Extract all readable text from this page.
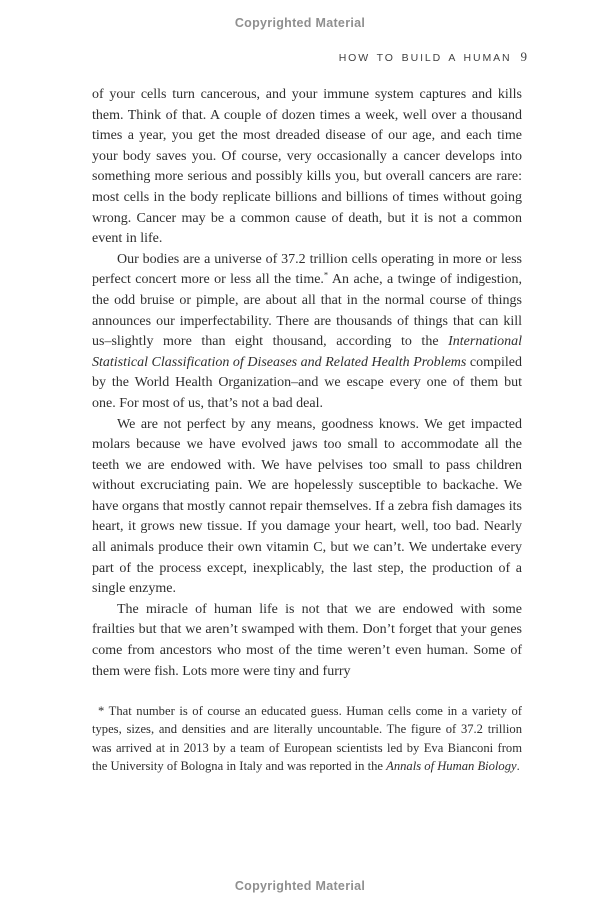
Copyrighted Material
HOW TO BUILD A HUMAN 9

of your cells turn cancerous, and your immune system captures and kills them. Think of that. A couple of dozen times a week, well over a thousand times a year, you get the most dreaded disease of our age, and each time your body saves you. Of course, very occasionally a cancer develops into something more serious and possibly kills you, but overall cancers are rare: most cells in the body replicate billions and billions of times without going wrong. Cancer may be a common cause of death, but it is not a common event in life.

Our bodies are a universe of 37.2 trillion cells operating in more or less perfect concert more or less all the time.* An ache, a twinge of indigestion, the odd bruise or pimple, are about all that in the normal course of things announces our imperfectability. There are thousands of things that can kill us–slightly more than eight thousand, according to the International Statistical Classification of Diseases and Related Health Problems compiled by the World Health Organization–and we escape every one of them but one. For most of us, that’s not a bad deal.

We are not perfect by any means, goodness knows. We get impacted molars because we have evolved jaws too small to accommodate all the teeth we are endowed with. We have pelvises too small to pass children without excruciating pain. We are hopelessly susceptible to backache. We have organs that mostly cannot repair themselves. If a zebra fish damages its heart, it grows new tissue. If you damage your heart, well, too bad. Nearly all animals produce their own vitamin C, but we can’t. We undertake every part of the process except, inexplicably, the last step, the production of a single enzyme.

The miracle of human life is not that we are endowed with some frailties but that we aren’t swamped with them. Don’t forget that your genes come from ancestors who most of the time weren’t even human. Some of them were fish. Lots more were tiny and furry

* That number is of course an educated guess. Human cells come in a variety of types, sizes, and densities and are literally uncountable. The figure of 37.2 trillion was arrived at in 2013 by a team of European scientists led by Eva Bianconi from the University of Bologna in Italy and was reported in the Annals of Human Biology.
Copyrighted Material
